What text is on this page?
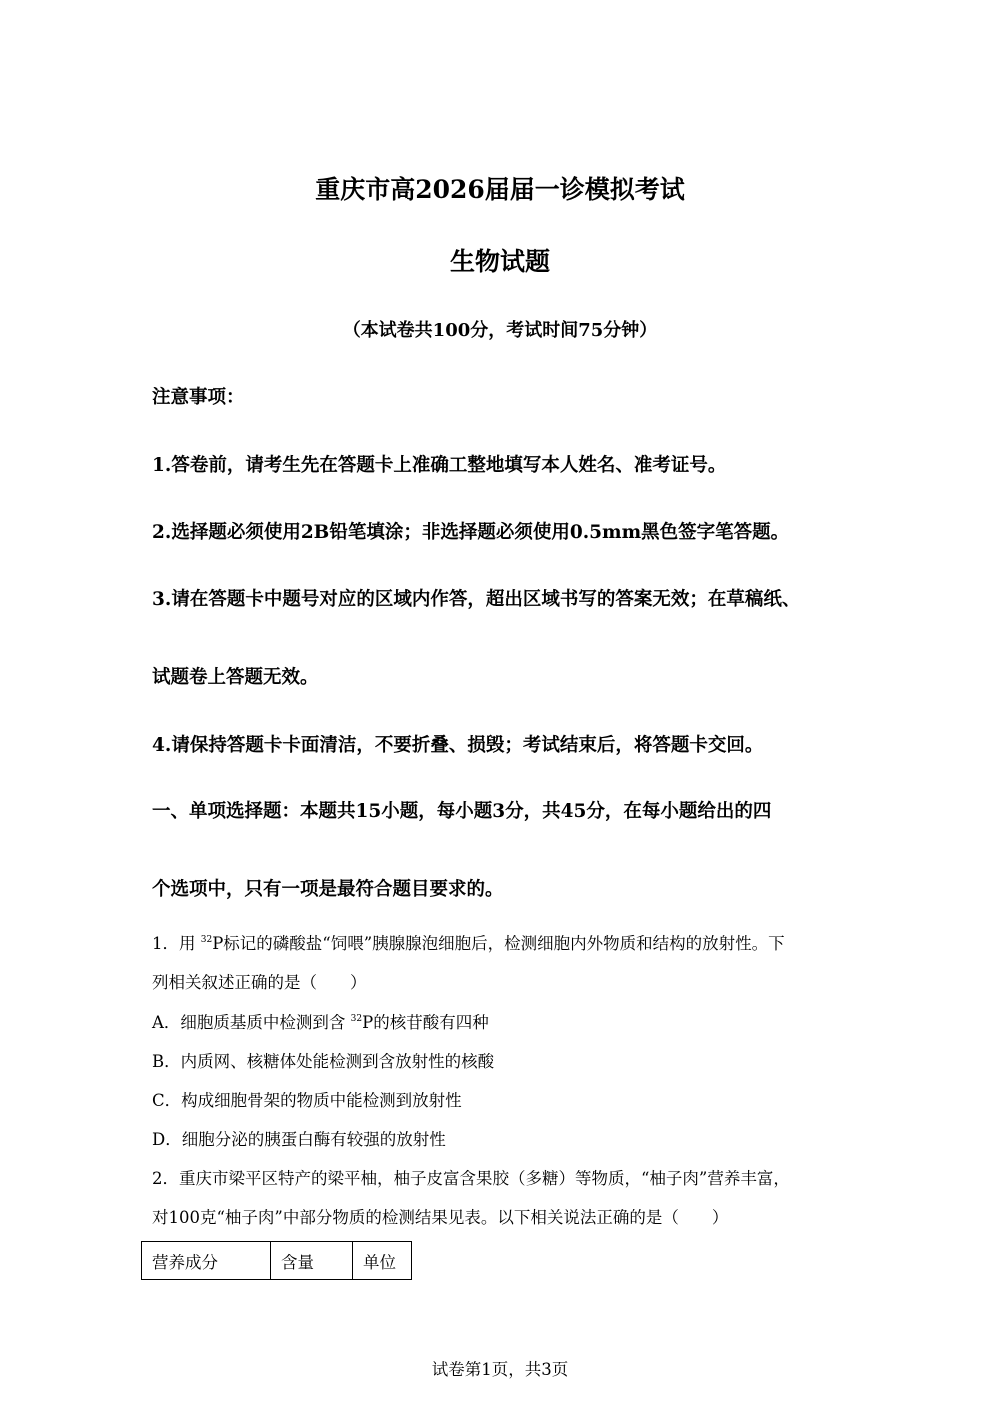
重庆市高2026届届一诊模拟考试
生物试题
（本试卷共100分，考试时间75分钟）
注意事项：
1.答卷前，请考生先在答题卡上准确工整地填写本人姓名、准考证号。
2.选择题必须使用2B铅笔填涂；非选择题必须使用0.5mm黑色签字笔答题。
3.请在答题卡中题号对应的区域内作答，超出区域书写的答案无效；在草稿纸、
试题卷上答题无效。
4.请保持答题卡卡面清洁，不要折叠、损毁；考试结束后，将答题卡交回。
一、单项选择题：本题共15小题，每小题3分，共45分，在每小题给出的四
个选项中，只有一项是最符合题目要求的。
1．用 $^{32}$P标记的磷酸盐“饲喂”胰腺腺泡细胞后，检测细胞内外物质和结构的放射性。下
列相关叙述正确的是（　　）
A．细胞质基质中检测到含 $^{32}$P的核苷酸有四种
B．内质网、核糖体处能检测到含放射性的核酸
C．构成细胞骨架的物质中能检测到放射性
D．细胞分泌的胰蛋白酶有较强的放射性
2．重庆市梁平区特产的梁平柚，柚子皮富含果胶（多糖）等物质，“柚子肉”营养丰富，
对100克“柚子肉”中部分物质的检测结果见表。以下相关说法正确的是（　　）
营养成分	含量	单位
试卷第1页，共3页
